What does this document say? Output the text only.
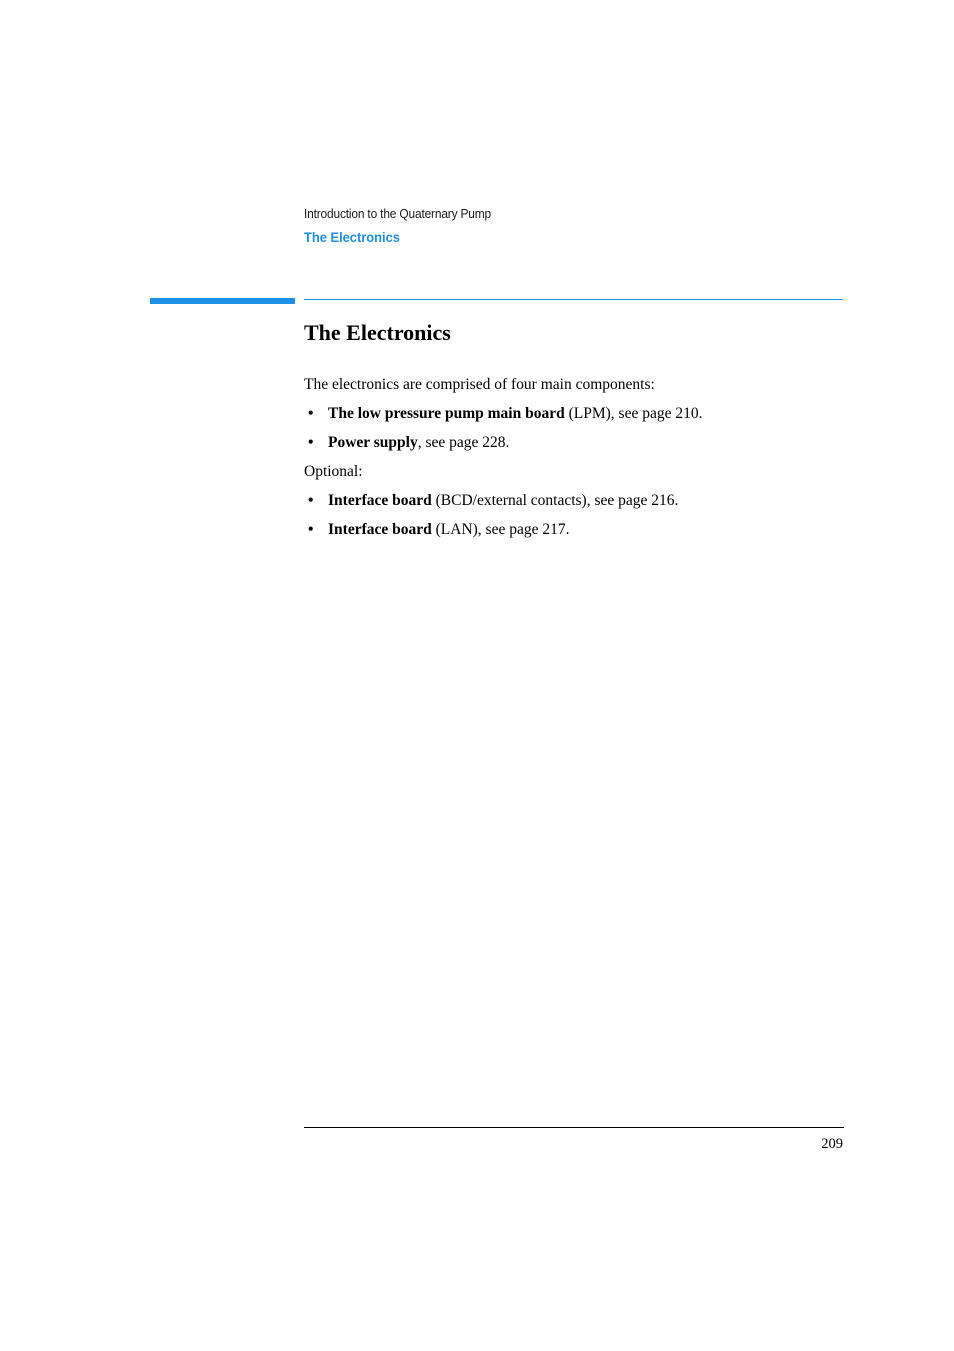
Introduction to the Quaternary Pump
The Electronics
The Electronics

The electronics are comprised of four main components:

• The low pressure pump main board (LPM), see page 210.
• Power supply, see page 228.

Optional:

• Interface board (BCD/external contacts), see page 216.
• Interface board (LAN), see page 217.
209
